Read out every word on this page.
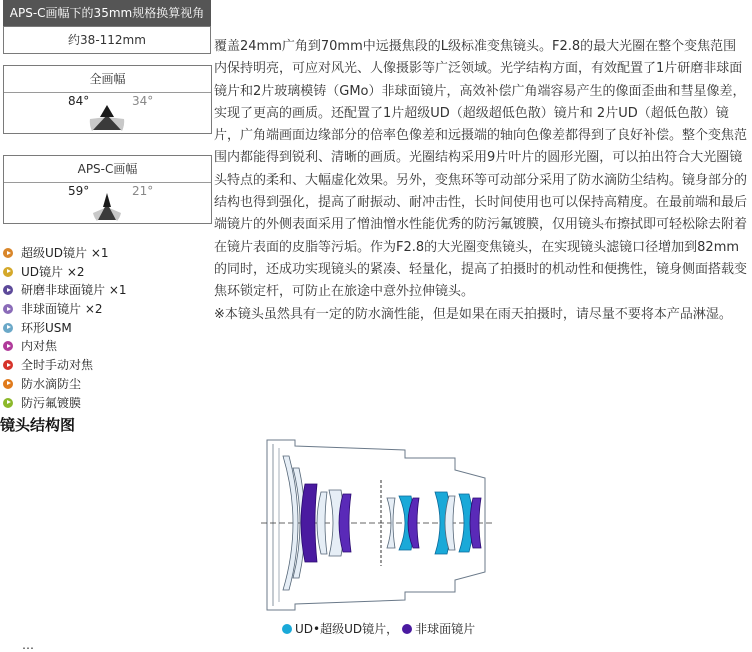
APS-C画幅下的35mm规格换算视角
约38-112mm
全画幅
84°	34°
APS-C画幅
59°	21°
超级UD镜片 ×1
UD镜片 ×2
研磨非球面镜片 ×1
非球面镜片 ×2
环形USM
内对焦
全时手动对焦
防水滴防尘
防污氟镀膜
镜头结构图

覆盖24mm广角到70mm中远摄焦段的L级标准变焦镜头。F2.8的最大光圈在整个变焦范围内保持明亮，可应对风光、人像摄影等广泛领域。光学结构方面，有效配置了1片研磨非球面镜片和2片玻璃模铸（GMo）非球面镜片，高效补偿广角端容易产生的像面歪曲和彗星像差，实现了更高的画质。还配置了1片超级UD（超级超低色散）镜片和 2片UD（超低色散）镜片，广角端画面边缘部分的倍率色像差和远摄端的轴向色像差都得到了良好补偿。整个变焦范围内都能得到锐利、清晰的画质。光圈结构采用9片叶片的圆形光圈，可以拍出符合大光圈镜头特点的柔和、大幅虚化效果。另外，变焦环等可动部分采用了防水滴防尘结构。镜身部分的结构也得到强化，提高了耐振动、耐冲击性，长时间使用也可以保持高精度。在最前端和最后端镜片的外侧表面采用了憎油憎水性能优秀的防污氟镀膜，仅用镜头布擦拭即可轻松除去附着在镜片表面的皮脂等污垢。作为F2.8的大光圈变焦镜头，在实现镜头滤镜口径增加到82mm的同时，还成功实现镜头的紧凑、轻量化，提高了拍摄时的机动性和便携性，镜身侧面搭载变焦环锁定杆，可防止在旅途中意外拉伸镜头。

※本镜头虽然具有一定的防水滴性能，但是如果在雨天拍摄时，请尽量不要将本产品淋湿。

UD•超级UD镜片， 非球面镜片
…
